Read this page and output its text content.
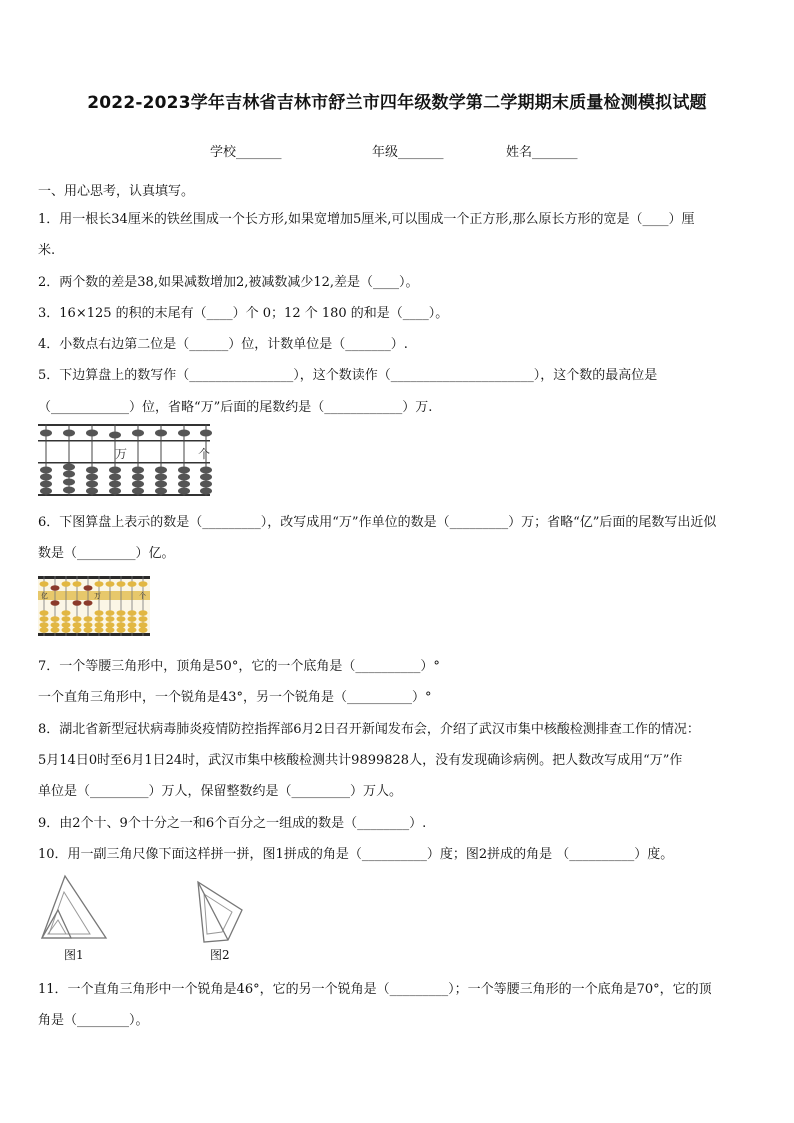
2022-2023学年吉林省吉林市舒兰市四年级数学第二学期期末质量检测模拟试题
学校_______	年级_______	姓名_______
一、用心思考，认真填写。
1．用一根长34厘米的铁丝围成一个长方形,如果宽增加5厘米,可以围成一个正方形,那么原长方形的宽是（____）厘
米.
2．两个数的差是38,如果减数增加2,被减数减少12,差是（____）。
3．16×125 的积的末尾有（____）个 0；12 个 180 的和是（____）。
4．小数点右边第二位是（______）位，计数单位是（_______）.
5．下边算盘上的数写作（________________），这个数读作（______________________），这个数的最高位是
（____________）位，省略“万”后面的尾数约是（____________）万.
万	个
6．下图算盘上表示的数是（_________），改写成用“万”作单位的数是（_________）万；省略“亿”后面的尾数写出近似
数是（_________）亿。
亿	万	个
7．一个等腰三角形中，顶角是50°，它的一个底角是（__________）°
一个直角三角形中，一个锐角是43°，另一个锐角是（__________）°
8．湖北省新型冠状病毒肺炎疫情防控指挥部6月2日召开新闻发布会，介绍了武汉市集中核酸检测排查工作的情况：
5月14日0时至6月1日24时，武汉市集中核酸检测共计9899828人，没有发现确诊病例。把人数改写成用“万”作
单位是（_________）万人，保留整数约是（_________）万人。
9．由2个十、9个十分之一和6个百分之一组成的数是（________）.
10．用一副三角尺像下面这样拼一拼，图1拼成的角是（__________）度；图2拼成的角是 （__________）度。
图1	图2
11．一个直角三角形中一个锐角是46°，它的另一个锐角是（_________）；一个等腰三角形的一个底角是70°，它的顶
角是（________）。
